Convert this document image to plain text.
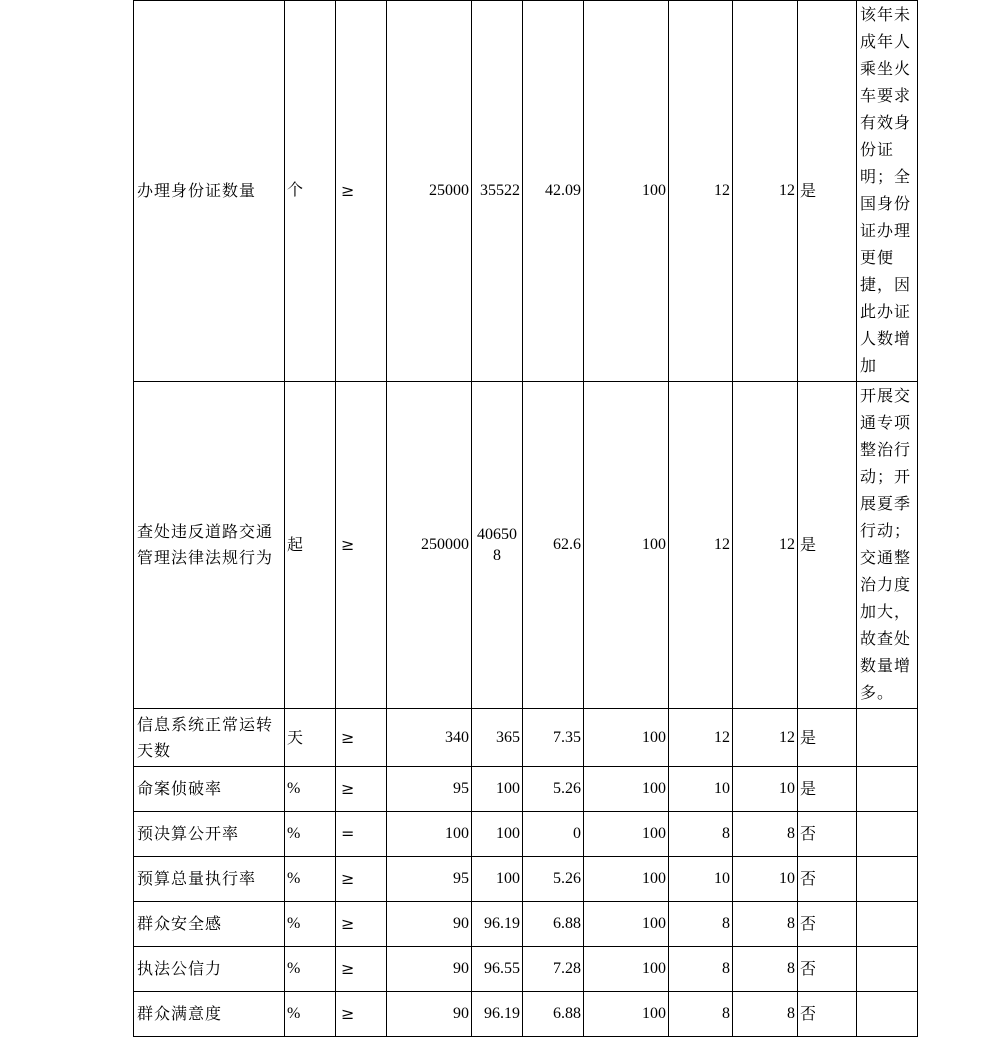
办理身份证数量	个	≥	25000	35522	42.09	100	12	12	是	该年未成年人乘坐火车要求有效身份证明；全国身份证办理更便捷，因此办证人数增加	
查处违反道路交通管理法律法规行为	起	≥	250000	406508	62.6	100	12	12	是	开展交通专项整治行动；开展夏季行动；交通整治力度加大，故查处数量增多。	
信息系统正常运转天数	天	≥	340	365	7.35	100	12	12	是		
命案侦破率	%	≥	95	100	5.26	100	10	10	是		
预决算公开率	%	=	100	100	0	100	8	8	否		
预算总量执行率	%	≥	95	100	5.26	100	10	10	否		
群众安全感	%	≥	90	96.19	6.88	100	8	8	否		
执法公信力	%	≥	90	96.55	7.28	100	8	8	否		
群众满意度	%	≥	90	96.19	6.88	100	8	8	否		
